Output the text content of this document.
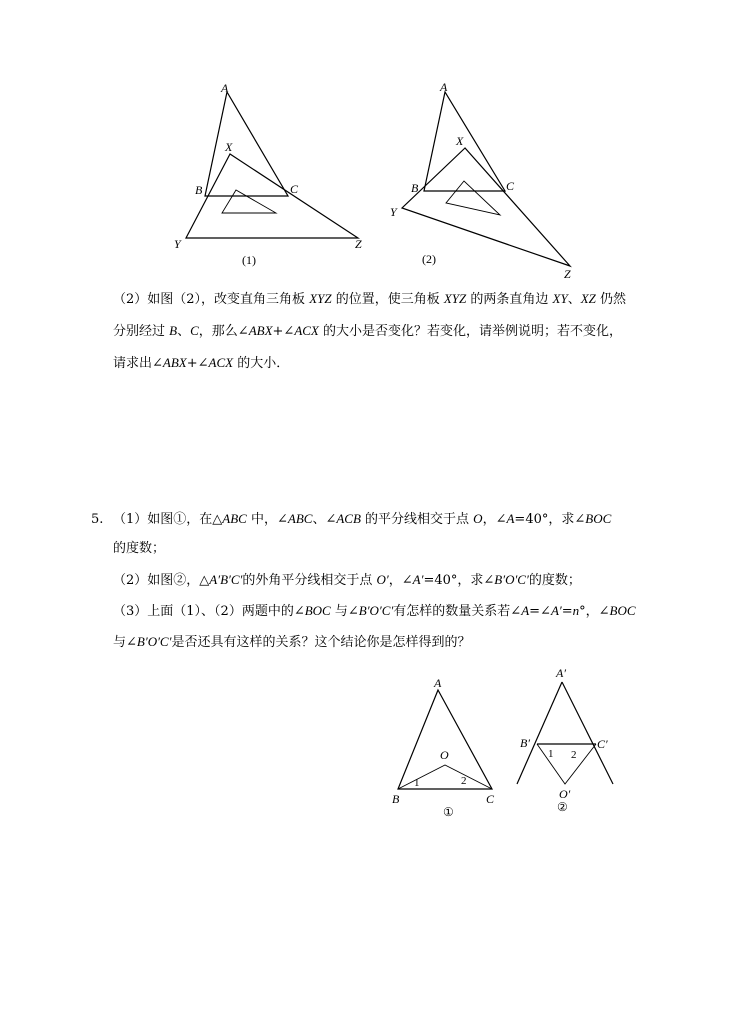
A
X
B	C
Y	Z
(1)
A
X
B	C
Y
Z
(2)
（2）如图（2），改变直角三角板 XYZ 的位置，使三角板 XYZ 的两条直角边 XY、XZ 仍然
分别经过 B、C，那么∠ABX+∠ACX 的大小是否变化？若变化，请举例说明；若不变化，
请求出∠ABX+∠ACX 的大小．
5. （1）如图①，在△ABC 中，∠ABC、∠ACB 的平分线相交于点 O，∠A=40°，求∠BOC
的度数；
（2）如图②，△A′B′C′的外角平分线相交于点 O′，∠A′=40°，求∠B′O′C′的度数；
（3）上面（1）、（2）两题中的∠BOC 与∠B′O′C′有怎样的数量关系若∠A=∠A′=n°，∠BOC
与∠B′O′C′是否还具有这样的关系？这个结论你是怎样得到的？
A
O
1	2
B	C
①
A′
B′	C′
1 2
O′
②
